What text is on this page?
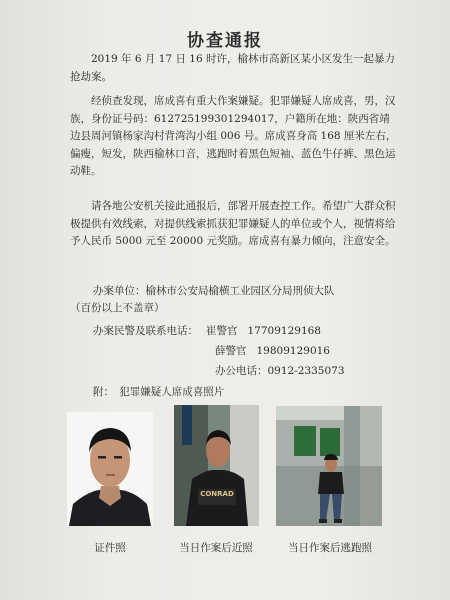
协查通报
2019 年 6 月 17 日 16 时许，榆林市高新区某小区发生一起暴力抢劫案。
经侦查发现，席成喜有重大作案嫌疑。犯罪嫌疑人席成喜，男，汉族，身份证号码：612725199301294017，户籍所在地：陕西省靖边县周河镇杨家沟村背湾沟小组 006 号。席成喜身高 168 厘米左右，偏瘦，短发，陕西榆林口音，逃跑时着黑色短袖、蓝色牛仔裤、黑色运动鞋。
请各地公安机关接此通报后，部署开展查控工作。希望广大群众积极提供有效线索，对提供线索抓获犯罪嫌疑人的单位或个人，视情将给予人民币 5000 元至 20000 元奖励。席成喜有暴力倾向，注意安全。
办案单位：榆林市公安局榆横工业园区分局刑侦大队
（百份以上不盖章）
办案民警及联系电话： 崔警官 17709129168
薛警官 19809129016
办公电话：0912-2335073
附：　犯罪嫌疑人席成喜照片
CONRAD
证件照	当日作案后近照	当日作案后逃跑照
